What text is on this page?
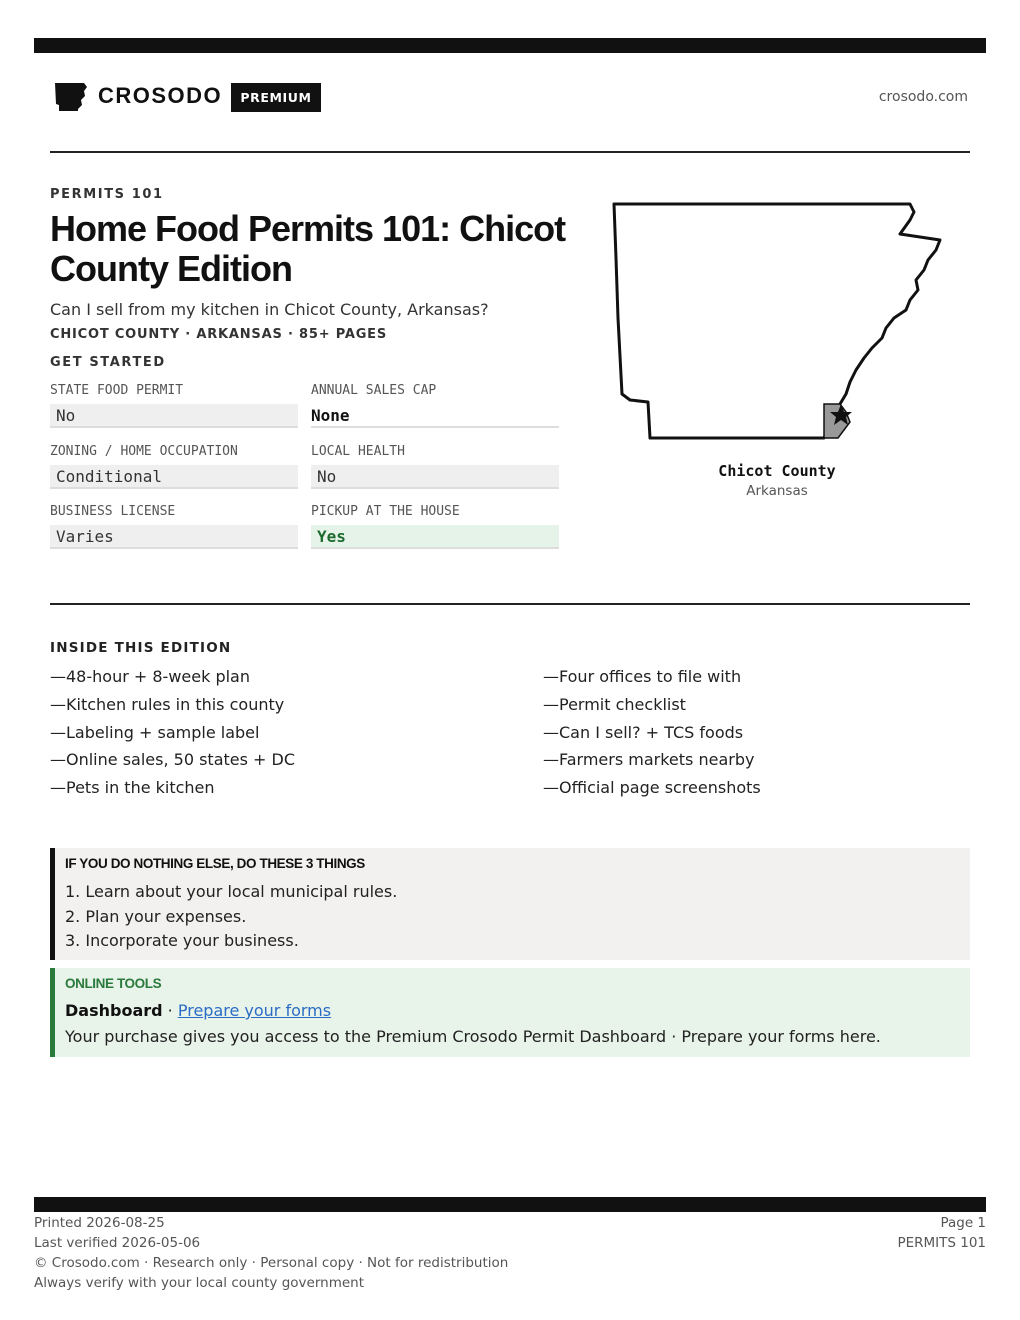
CROSODO	PREMIUM	crosodo.com
PERMITS 101
Home Food Permits 101: Chicot County Edition
Can I sell from my kitchen in Chicot County, Arkansas?
CHICOT COUNTY · ARKANSAS · 85+ PAGES
GET STARTED
STATE FOOD PERMIT
No
ANNUAL SALES CAP
None
ZONING / HOME OCCUPATION
Conditional
LOCAL HEALTH
No
BUSINESS LICENSE
Varies
PICKUP AT THE HOUSE
Yes
Chicot County
Arkansas
INSIDE THIS EDITION
—48-hour + 8-week plan
—Kitchen rules in this county
—Labeling + sample label
—Online sales, 50 states + DC
—Pets in the kitchen
—Four offices to file with
—Permit checklist
—Can I sell? + TCS foods
—Farmers markets nearby
—Official page screenshots
IF YOU DO NOTHING ELSE, DO THESE 3 THINGS
1. Learn about your local municipal rules.
2. Plan your expenses.
3. Incorporate your business.
ONLINE TOOLS
Dashboard · Prepare your forms
Your purchase gives you access to the Premium Crosodo Permit Dashboard · Prepare your forms here.
Printed 2026-08-25
Last verified 2026-05-06
© Crosodo.com · Research only · Personal copy · Not for redistribution
Always verify with your local county government
Page 1
PERMITS 101
